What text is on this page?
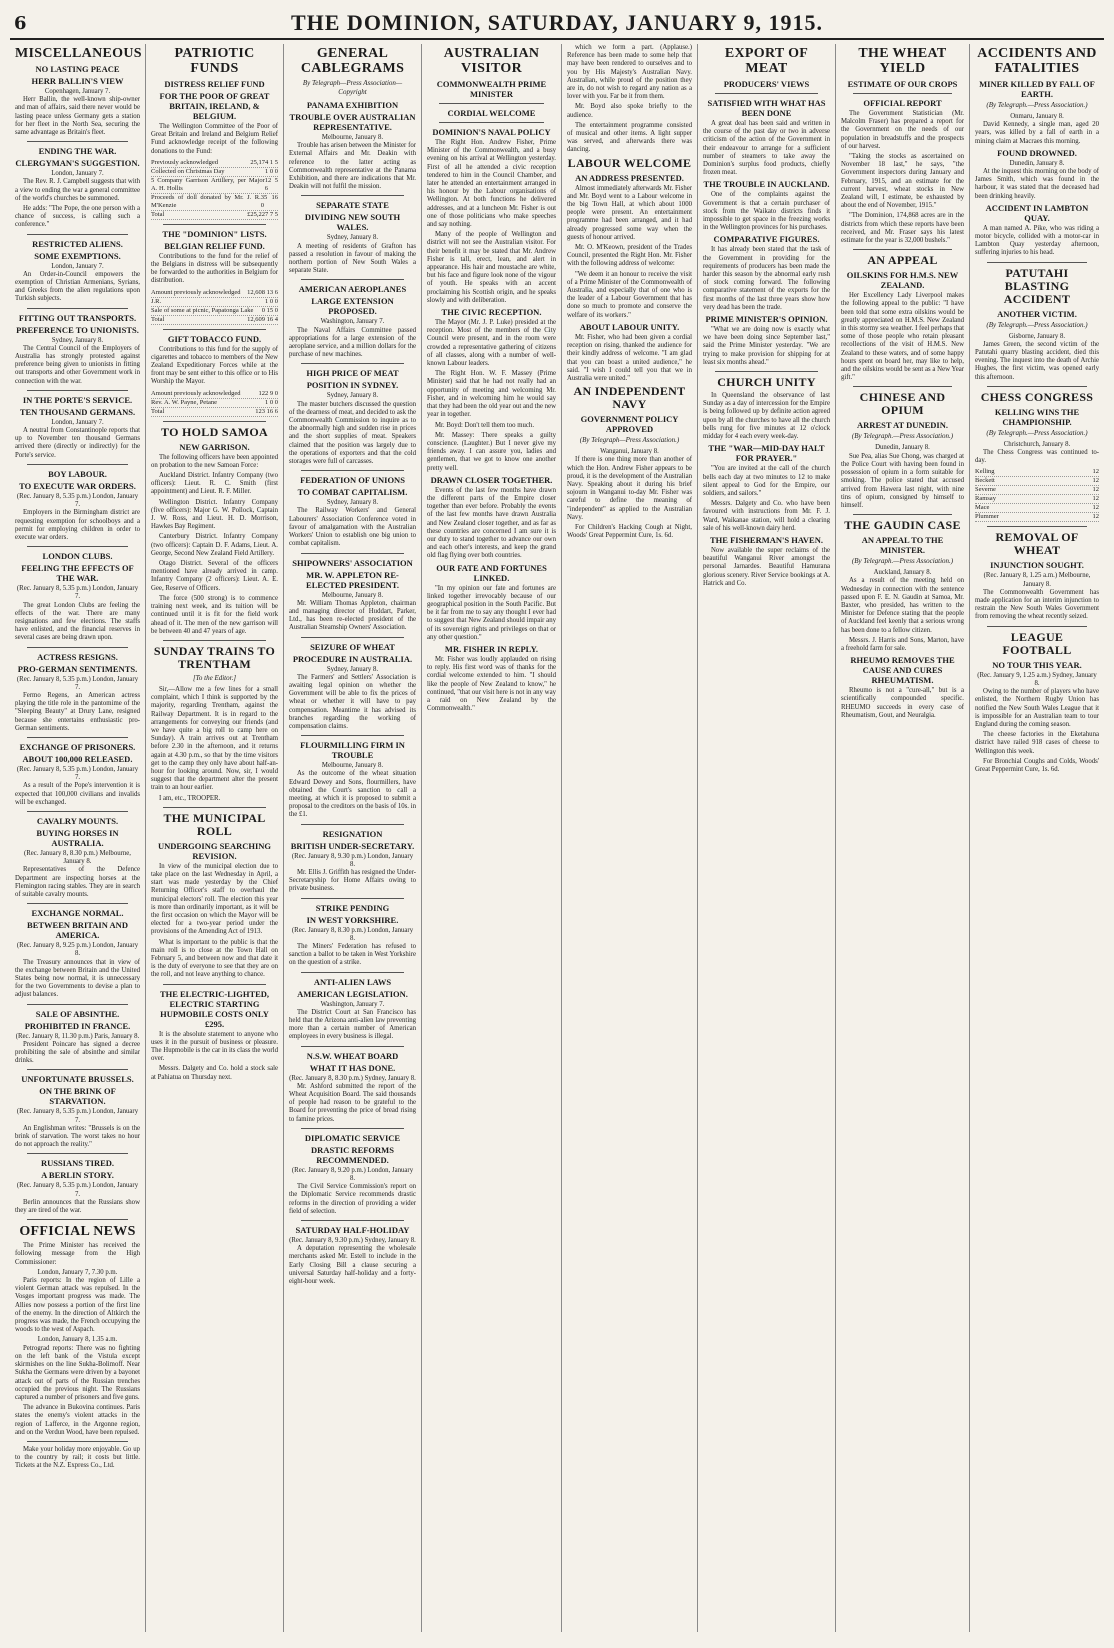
6	THE DOMINION, SATURDAY, JANUARY 9, 1915.
MISCELLANEOUS
NO LASTING PEACE
HERR BALLIN'S VIEW
Copenhagen, January 7.

Herr Ballin, the well-known ship-owner and man of affairs, said there never would be lasting peace unless Germany gets a station for her fleet in the North Sea, securing the same advantage as Britain's fleet.

ENDING THE WAR.
CLERGYMAN'S SUGGESTION.
London, January 7.

The Rev. R. J. Campbell suggests that with a view to ending the war a general committee of the world's churches be summoned.

He adds: "The Pope, the one person with a chance of success, is calling such a conference."

RESTRICTED ALIENS.
SOME EXEMPTIONS.
London, January 7.

An Order-in-Council empowers the exemption of Christian Armenians, Syrians, and Greeks from the alien regulations upon Turkish subjects.

FITTING OUT TRANSPORTS.
PREFERENCE TO UNIONISTS.
Sydney, January 8.

The Central Council of the Employers of Australia has strongly protested against preference being given to unionists in fitting out transports and other Government work in connection with the war.

IN THE PORTE'S SERVICE.
TEN THOUSAND GERMANS.
London, January 7.

A neutral from Constantinople reports that up to November ten thousand Germans arrived there (directly or indirectly) for the Porte's service.

BOY LABOUR.
TO EXECUTE WAR ORDERS.
(Rec. January 8, 5.35 p.m.) London, January 7.

Employers in the Birmingham district are requesting exemption for schoolboys and a permit for employing children in order to execute war orders.

LONDON CLUBS.
FEELING THE EFFECTS OF THE WAR.
(Rec. January 8, 5.35 p.m.) London, January 7.

The great London Clubs are feeling the effects of the war. There are many resignations and few elections. The staffs have enlisted, and the financial reserves in several cases are being drawn upon.

ACTRESS RESIGNS.
PRO-GERMAN SENTIMENTS.
(Rec. January 8, 5.35 p.m.) London, January 7.

Fermo Regens, an American actress playing the title role in the pantomime of the "Sleeping Beauty" at Drury Lane, resigned because she entertains enthusiastic pro-German sentiments.

EXCHANGE OF PRISONERS.
ABOUT 100,000 RELEASED.
(Rec. January 8, 5.35 p.m.) London, January 7.

As a result of the Pope's intervention it is expected that 100,000 civilians and invalids will be exchanged.

CAVALRY MOUNTS.
BUYING HORSES IN AUSTRALIA.
(Rec. January 8, 8.30 p.m.) Melbourne, January 8.

Representatives of the Defence Department are inspecting horses at the Flemington racing stables. They are in search of suitable cavalry mounts.

EXCHANGE NORMAL.
BETWEEN BRITAIN AND AMERICA.
(Rec. January 8, 9.25 p.m.) London, January 8.

The Treasury announces that in view of the exchange between Britain and the United States being now normal, it is unnecessary for the two Governments to devise a plan to adjust balances.

SALE OF ABSINTHE.
PROHIBITED IN FRANCE.
(Rec. January 8, 11.30 p.m.) Paris, January 8.

President Poincare has signed a decree prohibiting the sale of absinthe and similar drinks.

UNFORTUNATE BRUSSELS.
ON THE BRINK OF STARVATION.
(Rec. January 8, 5.35 p.m.) London, January 7.

An Englishman writes: "Brussels is on the brink of starvation. The worst takes no hour do not approach the reality."

RUSSIANS TIRED.
A BERLIN STORY.
(Rec. January 8, 5.35 p.m.) London, January 7.

Berlin announces that the Russians show they are tired of the war.

OFFICIAL NEWS

The Prime Minister has received the following message from the High Commissioner:

London, January 7, 7.30 p.m.

Paris reports: In the region of Lille a violent German attack was repulsed. In the Vosges important progress was made. The Allies now possess a portion of the first line of the enemy. In the direction of Altkirch the progress was made, the French occupying the woods to the west of Aspach.

London, January 8, 1.35 a.m.

Petrograd reports: There was no fighting on the left bank of the Vistula except skirmishes on the line Sukha-Bolimoff. Near Sukha the Germans were driven by a bayonet attack out of parts of the Russian trenches occupied the previous night. The Russians captured a number of prisoners and five guns.

The advance in Bukovina continues. Paris states the enemy's violent attacks in the region of Lafferce, in the Argonne region, and on the Verdun Wood, have been repulsed.

Make your holiday more enjoyable. Go up to the country by rail; it costs but little. Tickets at the N.Z. Express Co., Ltd.

PATRIOTIC FUNDS
DISTRESS RELIEF FUND
FOR THE POOR OF GREAT BRITAIN, IRELAND, & BELGIUM.

The Wellington Committee of the Poor of Great Britain and Ireland and Belgium Relief Fund acknowledge receipt of the following donations to the Fund:

Previously acknowledged	25,174 1 5
Collected on Christmas Day	1 0 0
5 Company Garrison Artillery, per Major A. H. Hollis
12 5 6
Proceeds of doll donated by Mr. J. R. M'Kenzie
35 16 0
Total	£25,227 7 5
THE "DOMINION" LISTS.
BELGIAN RELIEF FUND.

Contributions to the fund for the relief of the Belgians in distress will be subsequently be forwarded to the authorities in Belgium for distribution.

Amount previously acknowledged 12,608 13 6
J.R.	1 0 0
Sale of some at picnic, Papatonga Lake 0 15 0
Total	12,609 16 4
GIFT TOBACCO FUND.

Contributions to this fund for the supply of cigarettes and tobacco to members of the New Zealand Expeditionary Forces while at the front may be sent either to this office or to His Worship the Mayor.

Amount previously acknowledged	122 9 0
Rev. A. W. Payne, Petane	1 0 0
Total	123 16 6
TO HOLD SAMOA
NEW GARRISON.

The following officers have been appointed on probation to the new Samoan Force:

Auckland District. Infantry Company (two officers): Lieut. R. C. Smith (first appointment) and Lieut. R. F. Miller.

Wellington District. Infantry Company (five officers): Major G. W. Pollock, Captain J. W. Ross, and Lieut. H. D. Morrison, Hawkes Bay Regiment.

Canterbury District. Infantry Company (two officers): Captain D. F. Adams, Lieut. A. George, Second New Zealand Field Artillery.

Otago District. Several of the officers mentioned have already arrived in camp. Infantry Company (2 officers): Lieut. A. E. Gee, Reserve of Officers.

The force (500 strong) is to commence training next week, and its tuition will be continued until it is fit for the field work ahead of it. The men of the new garrison will be between 40 and 47 years of age.

SUNDAY TRAINS TO TRENTHAM
[To the Editor.]

Sir,—Allow me a few lines for a small complaint, which I think is supported by the majority, regarding Trentham, against the Railway Department. It is in regard to the arrangements for conveying our friends (and we have quite a big roll to camp here on Sunday). A train arrives out at Trentham before 2.30 in the afternoon, and it returns again at 4.30 p.m., so that by the time visitors get to the camp they only have about half-an-hour for looking around. Now, sir, I would suggest that the department alter the present train to an hour earlier.

I am, etc., TROOPER.

THE MUNICIPAL ROLL
UNDERGOING SEARCHING REVISION.

In view of the municipal election due to take place on the last Wednesday in April, a start was made yesterday by the Chief Returning Officer's staff to overhaul the municipal electors' roll. The election this year is more than ordinarily important, as it will be the first occasion on which the Mayor will be elected for a two-year period under the provisions of the Amending Act of 1913.

What is important to the public is that the main roll is to close at the Town Hall on February 5, and between now and that date it is the duty of everyone to see that they are on the roll, and not leave anything to chance.

THE ELECTRIC-LIGHTED, ELECTRIC STARTING HUPMOBILE COSTS ONLY £295.

It is the absolute statement to anyone who uses it in the pursuit of business or pleasure. The Hupmobile is the car in its class the world over.

Messrs. Dalgety and Co. hold a stock sale at Pahiatua on Thursday next.

GENERAL CABLEGRAMS
By Telegraph—Press Association—Copyright
PANAMA EXHIBITION
TROUBLE OVER AUSTRALIAN REPRESENTATIVE.
Melbourne, January 8.

Trouble has arisen between the Minister for External Affairs and Mr. Deakin with reference to the latter acting as Commonwealth representative at the Panama Exhibition, and there are indications that Mr. Deakin will not fulfil the mission.

SEPARATE STATE
DIVIDING NEW SOUTH WALES.
Sydney, January 8.

A meeting of residents of Grafton has passed a resolution in favour of making the northern portion of New South Wales a separate State.

AMERICAN AEROPLANES
LARGE EXTENSION PROPOSED.
Washington, January 7.

The Naval Affairs Committee passed appropriations for a large extension of the aeroplane service, and a million dollars for the purchase of new machines.

HIGH PRICE OF MEAT
POSITION IN SYDNEY.
Sydney, January 8.

The master butchers discussed the question of the dearness of meat, and decided to ask the Commonwealth Commission to inquire as to the abnormally high and sudden rise in prices and the short supplies of meat. Speakers claimed that the position was largely due to the operations of exporters and that the cold storages were full of carcasses.

FEDERATION OF UNIONS
TO COMBAT CAPITALISM.
Sydney, January 8.

The Railway Workers' and General Labourers' Association Conference voted in favour of amalgamation with the Australian Workers' Union to establish one big union to combat capitalism.

SHIPOWNERS' ASSOCIATION
MR. W. APPLETON RE-ELECTED PRESIDENT.
Melbourne, January 8.

Mr. William Thomas Appleton, chairman and managing director of Huddart, Parker, Ltd., has been re-elected president of the Australian Steamship Owners' Association.

SEIZURE OF WHEAT
PROCEDURE IN AUSTRALIA.
Sydney, January 8.

The Farmers' and Settlers' Association is awaiting legal opinion on whether the Government will be able to fix the prices of wheat or whether it will have to pay compensation. Meantime it has advised its branches regarding the working of compensation claims.

FLOURMILLING FIRM IN TROUBLE
Melbourne, January 8.

As the outcome of the wheat situation Edward Dewey and Sons, flourmillers, have obtained the Court's sanction to call a meeting, at which it is proposed to submit a proposal to the creditors on the basis of 10s. in the £1.

RESIGNATION
BRITISH UNDER-SECRETARY.
(Rec. January 8, 9.30 p.m.) London, January 8.

Mr. Ellis J. Griffith has resigned the Under-Secretaryship for Home Affairs owing to private business.

STRIKE PENDING
IN WEST YORKSHIRE.
(Rec. January 8, 8.30 p.m.) London, January 8.

The Miners' Federation has refused to sanction a ballot to be taken in West Yorkshire on the question of a strike.

ANTI-ALIEN LAWS
AMERICAN LEGISLATION.
Washington, January 7.

The District Court at San Francisco has held that the Arizona anti-alien law preventing more than a certain number of American employees in every business is illegal.

N.S.W. WHEAT BOARD
WHAT IT HAS DONE.
(Rec. January 8, 8.30 p.m.) Sydney, January 8.

Mr. Ashford submitted the report of the Wheat Acquisition Board. The said thousands of people had reason to be grateful to the Board for preventing the price of bread rising to famine prices.

DIPLOMATIC SERVICE
DRASTIC REFORMS RECOMMENDED.
(Rec. January 8, 9.20 p.m.) London, January 8.

The Civil Service Commission's report on the Diplomatic Service recommends drastic reforms in the direction of providing a wider field of selection.

SATURDAY HALF-HOLIDAY
(Rec. January 8, 9.30 p.m.) Sydney, January 8.

A deputation representing the wholesale merchants asked Mr. Estell to include in the Early Closing Bill a clause securing a universal Saturday half-holiday and a forty-eight-hour week.

AUSTRALIAN VISITOR
COMMONWEALTH PRIME MINISTER
CORDIAL WELCOME
DOMINION'S NAVAL POLICY

The Right Hon. Andrew Fisher, Prime Minister of the Commonwealth, and a busy evening on his arrival at Wellington yesterday. First of all he attended a civic reception tendered to him in the Council Chamber, and later he attended an entertainment arranged in his honour by the Labour organisations of Wellington. At both functions he delivered addresses, and at a luncheon Mr. Fisher is out one of those politicians who make speeches and say nothing.

Many of the people of Wellington and district will not see the Australian visitor. For their benefit it may be stated that Mr. Andrew Fisher is tall, erect, lean, and alert in appearance. His hair and moustache are white, but his face and figure look none of the vigour of youth. He speaks with an accent proclaiming his Scottish origin, and he speaks slowly and with deliberation.

THE CIVIC RECEPTION.

The Mayor (Mr. J. P. Luke) presided at the reception. Most of the members of the City Council were present, and in the room were crowded a representative gathering of citizens of all classes, along with a number of well-known Labour leaders.

The Right Hon. W. F. Massey (Prime Minister) said that he had not really had an opportunity of meeting and welcoming Mr. Fisher, and in welcoming him he would say that they had been the old year out and the new year in together.

Mr. Boyd: Don't tell them too much.

Mr. Massey: There speaks a guilty conscience. (Laughter.) But I never give my friends away. I can assure you, ladies and gentlemen, that we got to know one another pretty well.

DRAWN CLOSER TOGETHER.

Events of the last few months have drawn the different parts of the Empire closer together than ever before. Probably the events of the last few months have drawn Australia and New Zealand closer together, and as far as these countries are concerned I am sure it is our duty to stand together to advance our own and each other's interests, and keep the grand old flag flying over both countries.

OUR FATE AND FORTUNES LINKED.

"In my opinion our fate and fortunes are linked together irrevocably because of our geographical position in the South Pacific. But be it far from me to say any thought I ever had to suggest that New Zealand should impair any of its sovereign rights and privileges on that or any other question."

MR. FISHER IN REPLY.

Mr. Fisher was loudly applauded on rising to reply. His first word was of thanks for the cordial welcome extended to him. "I should like the people of New Zealand to know," he continued, "that our visit here is not in any way a raid on New Zealand by the Commonwealth."

which we form a part. (Applause.) Reference has been made to some help that may have been rendered to ourselves and to you by His Majesty's Australian Navy. Australian, while proud of the position they are in, do not wish to regard any nation as a lover with you. Far be it from them.

Mr. Boyd also spoke briefly to the audience.

The entertainment programme consisted of musical and other items. A light supper was served, and afterwards there was dancing.

LABOUR WELCOME
AN ADDRESS PRESENTED.

Almost immediately afterwards Mr. Fisher and Mr. Boyd went to a Labour welcome in the big Town Hall, at which about 1000 people were present. An entertainment programme had been arranged, and it had already progressed some way when the guests of honour arrived.

Mr. O. M'Keown, president of the Trades Council, presented the Right Hon. Mr. Fisher with the following address of welcome:

"We deem it an honour to receive the visit of a Prime Minister of the Commonwealth of Australia, and especially that of one who is the leader of a Labour Government that has done so much to promote and conserve the welfare of its workers."

ABOUT LABOUR UNITY.

Mr. Fisher, who had been given a cordial reception on rising, thanked the audience for their kindly address of welcome. "I am glad that you can boast a united audience," he said. "I wish I could tell you that we in Australia were united."

AN INDEPENDENT NAVY
GOVERNMENT POLICY APPROVED
(By Telegraph—Press Association.)
Wanganui, January 8.

If there is one thing more than another of which the Hon. Andrew Fisher appears to be proud, it is the development of the Australian Navy. Speaking about it during his brief sojourn in Wanganui to-day Mr. Fisher was careful to define the meaning of "independent" as applied to the Australian Navy.

For Children's Hacking Cough at Night, Woods' Great Peppermint Cure, 1s. 6d.

EXPORT OF MEAT
PRODUCERS' VIEWS
SATISFIED WITH WHAT HAS BEEN DONE

A great deal has been said and written in the course of the past day or two in adverse criticism of the action of the Government in their endeavour to arrange for a sufficient number of steamers to take away the Dominion's surplus food products, chiefly frozen meat.

THE TROUBLE IN AUCKLAND.

One of the complaints against the Government is that a certain purchaser of stock from the Waikato districts finds it impossible to get space in the freezing works in the Wellington provinces for his purchases.

COMPARATIVE FIGURES.

It has already been stated that the task of the Government in providing for the requirements of producers has been made the harder this season by the abnormal early rush of stock coming forward. The following comparative statement of the exports for the first months of the last three years show how very dead has been the trade.

PRIME MINISTER'S OPINION.

"What we are doing now is exactly what we have been doing since September last," said the Prime Minister yesterday. "We are trying to make provision for shipping for at least six months ahead."

CHURCH UNITY

In Queensland the observance of last Sunday as a day of intercession for the Empire is being followed up by definite action agreed upon by all the churches to have all the church bells rung for five minutes at 12 o'clock midday for 4 each every week-day.

THE "WAR—MID-DAY HALT FOR PRAYER."

"You are invited at the call of the church bells each day at two minutes to 12 to make silent appeal to God for the Empire, our soldiers, and sailors."

Messrs. Dalgety and Co. who have been favoured with instructions from Mr. F. J. Ward, Waikanae station, will hold a clearing sale of his well-known dairy herd.

THE FISHERMAN'S HAVEN.

Now available the super reclaims of the beautiful Wanganui River amongst the personal Jarnardes. Beautiful Hamurana glorious scenery. River Service bookings at A. Hatrick and Co.

THE WHEAT YIELD
ESTIMATE OF OUR CROPS
OFFICIAL REPORT

The Government Statistician (Mr. Malcolm Fraser) has prepared a report for the Government on the needs of our population in breadstuffs and the prospects of our harvest.

"Taking the stocks as ascertained on November 18 last," he says, "the Government inspectors during January and February, 1915, and an estimate for the current harvest, wheat stocks in New Zealand will, I estimate, be exhausted by about the end of November, 1915."

"The Dominion, 174,868 acres are in the districts from which these reports have been received, and Mr. Fraser says his latest estimate for the year is 32,000 bushels."

AN APPEAL
OILSKINS FOR H.M.S. NEW ZEALAND.

Her Excellency Lady Liverpool makes the following appeal to the public: "I have been told that some extra oilskins would be greatly appreciated on H.M.S. New Zealand in this stormy sea weather. I feel perhaps that some of those people who retain pleasant recollections of the visit of H.M.S. New Zealand to these waters, and of some happy hours spent on board her, may like to help, and the oilskins would be sent as a New Year gift."

CHINESE AND OPIUM
ARREST AT DUNEDIN.
(By Telegraph.—Press Association.)
Dunedin, January 8.

Sue Pea, alias Sue Chong, was charged at the Police Court with having been found in possession of opium in a form suitable for smoking. The police stated that accused arrived from Hawera last night, with nine tins of opium, consigned by himself to himself.

THE GAUDIN CASE
AN APPEAL TO THE MINISTER.
(By Telegraph.—Press Association.)
Auckland, January 8.

As a result of the meeting held on Wednesday in connection with the sentence passed upon F. E. N. Gaudin at Samoa, Mr. Baxter, who presided, has written to the Minister for Defence stating that the people of Auckland feel keenly that a serious wrong has been done to a fellow citizen.

Messrs. J. Harris and Sons, Marton, have a freehold farm for sale.

RHEUMO REMOVES THE CAUSE AND CURES RHEUMATISM.

Rheumo is not a "cure-all," but is a scientifically compounded specific. RHEUMO succeeds in every case of Rheumatism, Gout, and Neuralgia.

ACCIDENTS AND FATALITIES
MINER KILLED BY FALL OF EARTH.
(By Telegraph.—Press Association.)
Onmaru, January 8.

David Kennedy, a single man, aged 20 years, was killed by a fall of earth in a mining claim at Macraes this morning.

FOUND DROWNED.
Dunedin, January 8.

At the inquest this morning on the body of James Smith, which was found in the harbour, it was stated that the deceased had been drinking heavily.

ACCIDENT IN LAMBTON QUAY.

A man named A. Pike, who was riding a motor bicycle, collided with a motor-car in Lambton Quay yesterday afternoon, suffering injuries to his head.

PATUTAHI BLASTING ACCIDENT
ANOTHER VICTIM.
(By Telegraph.—Press Association.)
Gisborne, January 8.

James Green, the second victim of the Patutahi quarry blasting accident, died this evening. The inquest into the death of Archie Hughes, the first victim, was opened early this afternoon.

CHESS CONGRESS
KELLING WINS THE CHAMPIONSHIP.
(By Telegraph.—Press Association.)
Christchurch, January 8.

The Chess Congress was continued to-day.

Kelling	12
Beckett	12
Severne	12
Ramsay	12
Mace	12
Plummer	12
REMOVAL OF WHEAT
INJUNCTION SOUGHT.
(Rec. January 8, 1.25 a.m.) Melbourne, January 8.

The Commonwealth Government has made application for an interim injunction to restrain the New South Wales Government from removing the wheat recently seized.

LEAGUE FOOTBALL
NO TOUR THIS YEAR.
(Rec. January 9, 1.25 a.m.) Sydney, January 8.

Owing to the number of players who have enlisted, the Northern Rugby Union has notified the New South Wales League that it is impossible for an Australian team to tour England during the coming season.

The cheese factories in the Eketahuna district have railed 918 cases of cheese to Wellington this week.

For Bronchial Coughs and Colds, Woods' Great Peppermint Cure, 1s. 6d.
